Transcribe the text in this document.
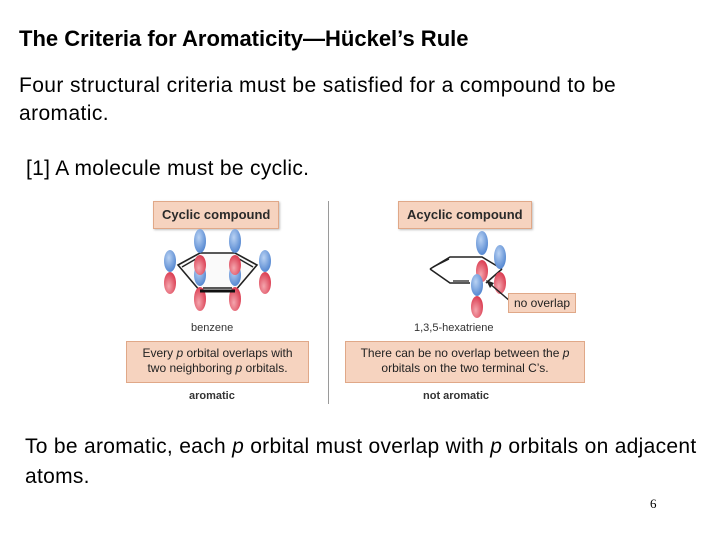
The Criteria for Aromaticity—Hückel’s Rule
Four structural criteria must be satisfied for a compound to be aromatic.
[1] A molecule must be cyclic.
Cyclic compound	Acyclic compound
no overlap
benzene	1,3,5-hexatriene
Every p orbital overlaps with two neighboring p orbitals.
There can be no overlap between the p orbitals on the two terminal C’s.
aromatic	not aromatic
To be aromatic, each p orbital must overlap with p orbitals on adjacent atoms.
6
